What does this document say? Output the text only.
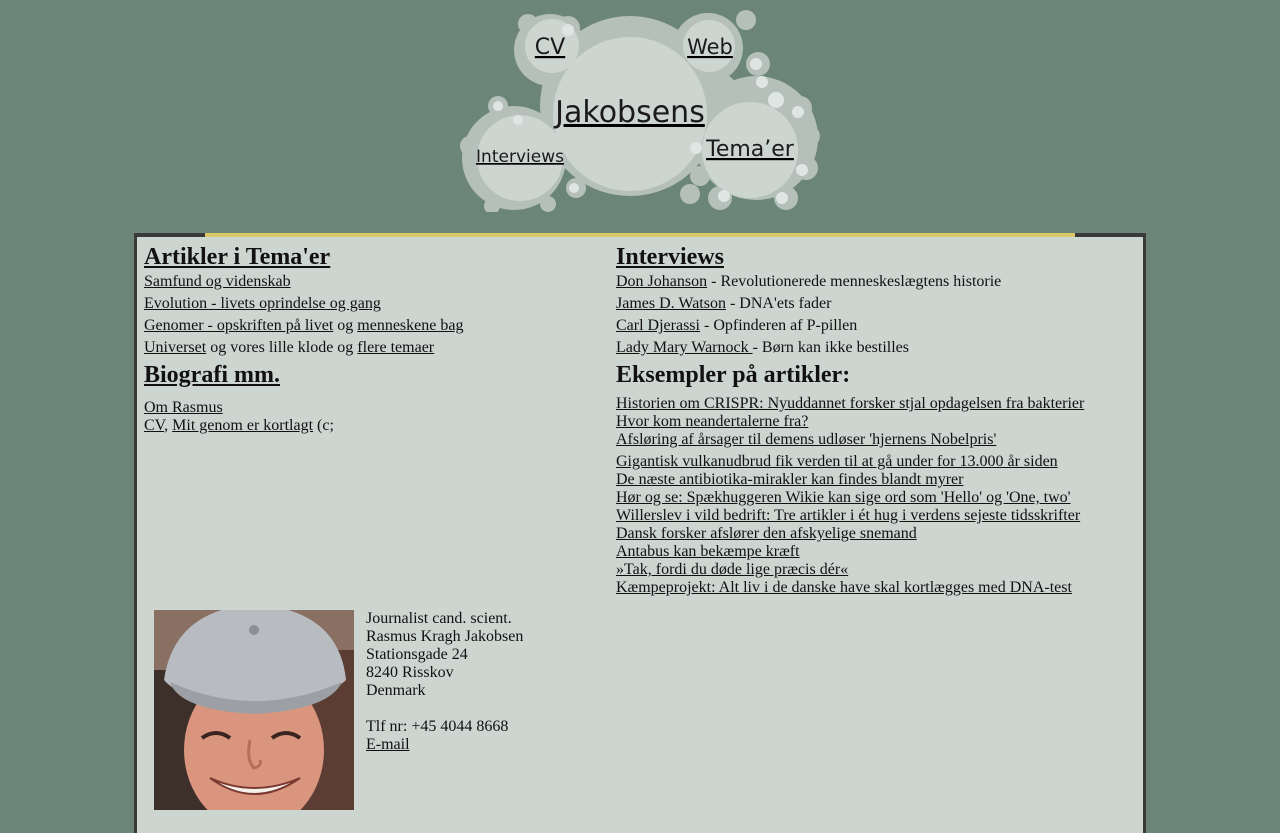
Jakobsens
CV	Web
Interviews	Tema’er
Artikler i Tema'er
Samfund og videnskab
Evolution - livets oprindelse og gang
Genomer - opskriften på livet og menneskene bag
Universet og vores lille klode og flere temaer
Biografi mm.
Om Rasmus
CV, Mit genom er kortlagt (c;
Interviews
Don Johanson - Revolutionerede menneskeslægtens historie
James D. Watson - DNA'ets fader
Carl Djerassi - Opfinderen af P-pillen
Lady Mary Warnock - Børn kan ikke bestilles
Eksempler på artikler:
Historien om CRISPR: Nyuddannet forsker stjal opdagelsen fra bakterier
Hvor kom neandertalerne fra?
Afsløring af årsager til demens udløser 'hjernens Nobelpris'
Gigantisk vulkanudbrud fik verden til at gå under for 13.000 år siden
De næste antibiotika-mirakler kan findes blandt myrer
Hør og se: Spækhuggeren Wikie kan sige ord som 'Hello' og 'One, two'
Willerslev i vild bedrift: Tre artikler i ét hug i verdens sejeste tidsskrifter
Dansk forsker afslører den afskyelige snemand
Antabus kan bekæmpe kræft
»Tak, fordi du døde lige præcis dér«
Kæmpeprojekt: Alt liv i de danske have skal kortlægges med DNA-test
Journalist cand. scient.
Rasmus Kragh Jakobsen
Stationsgade 24
8240 Risskov
Denmark
Tlf nr: +45 4044 8668
E-mail
